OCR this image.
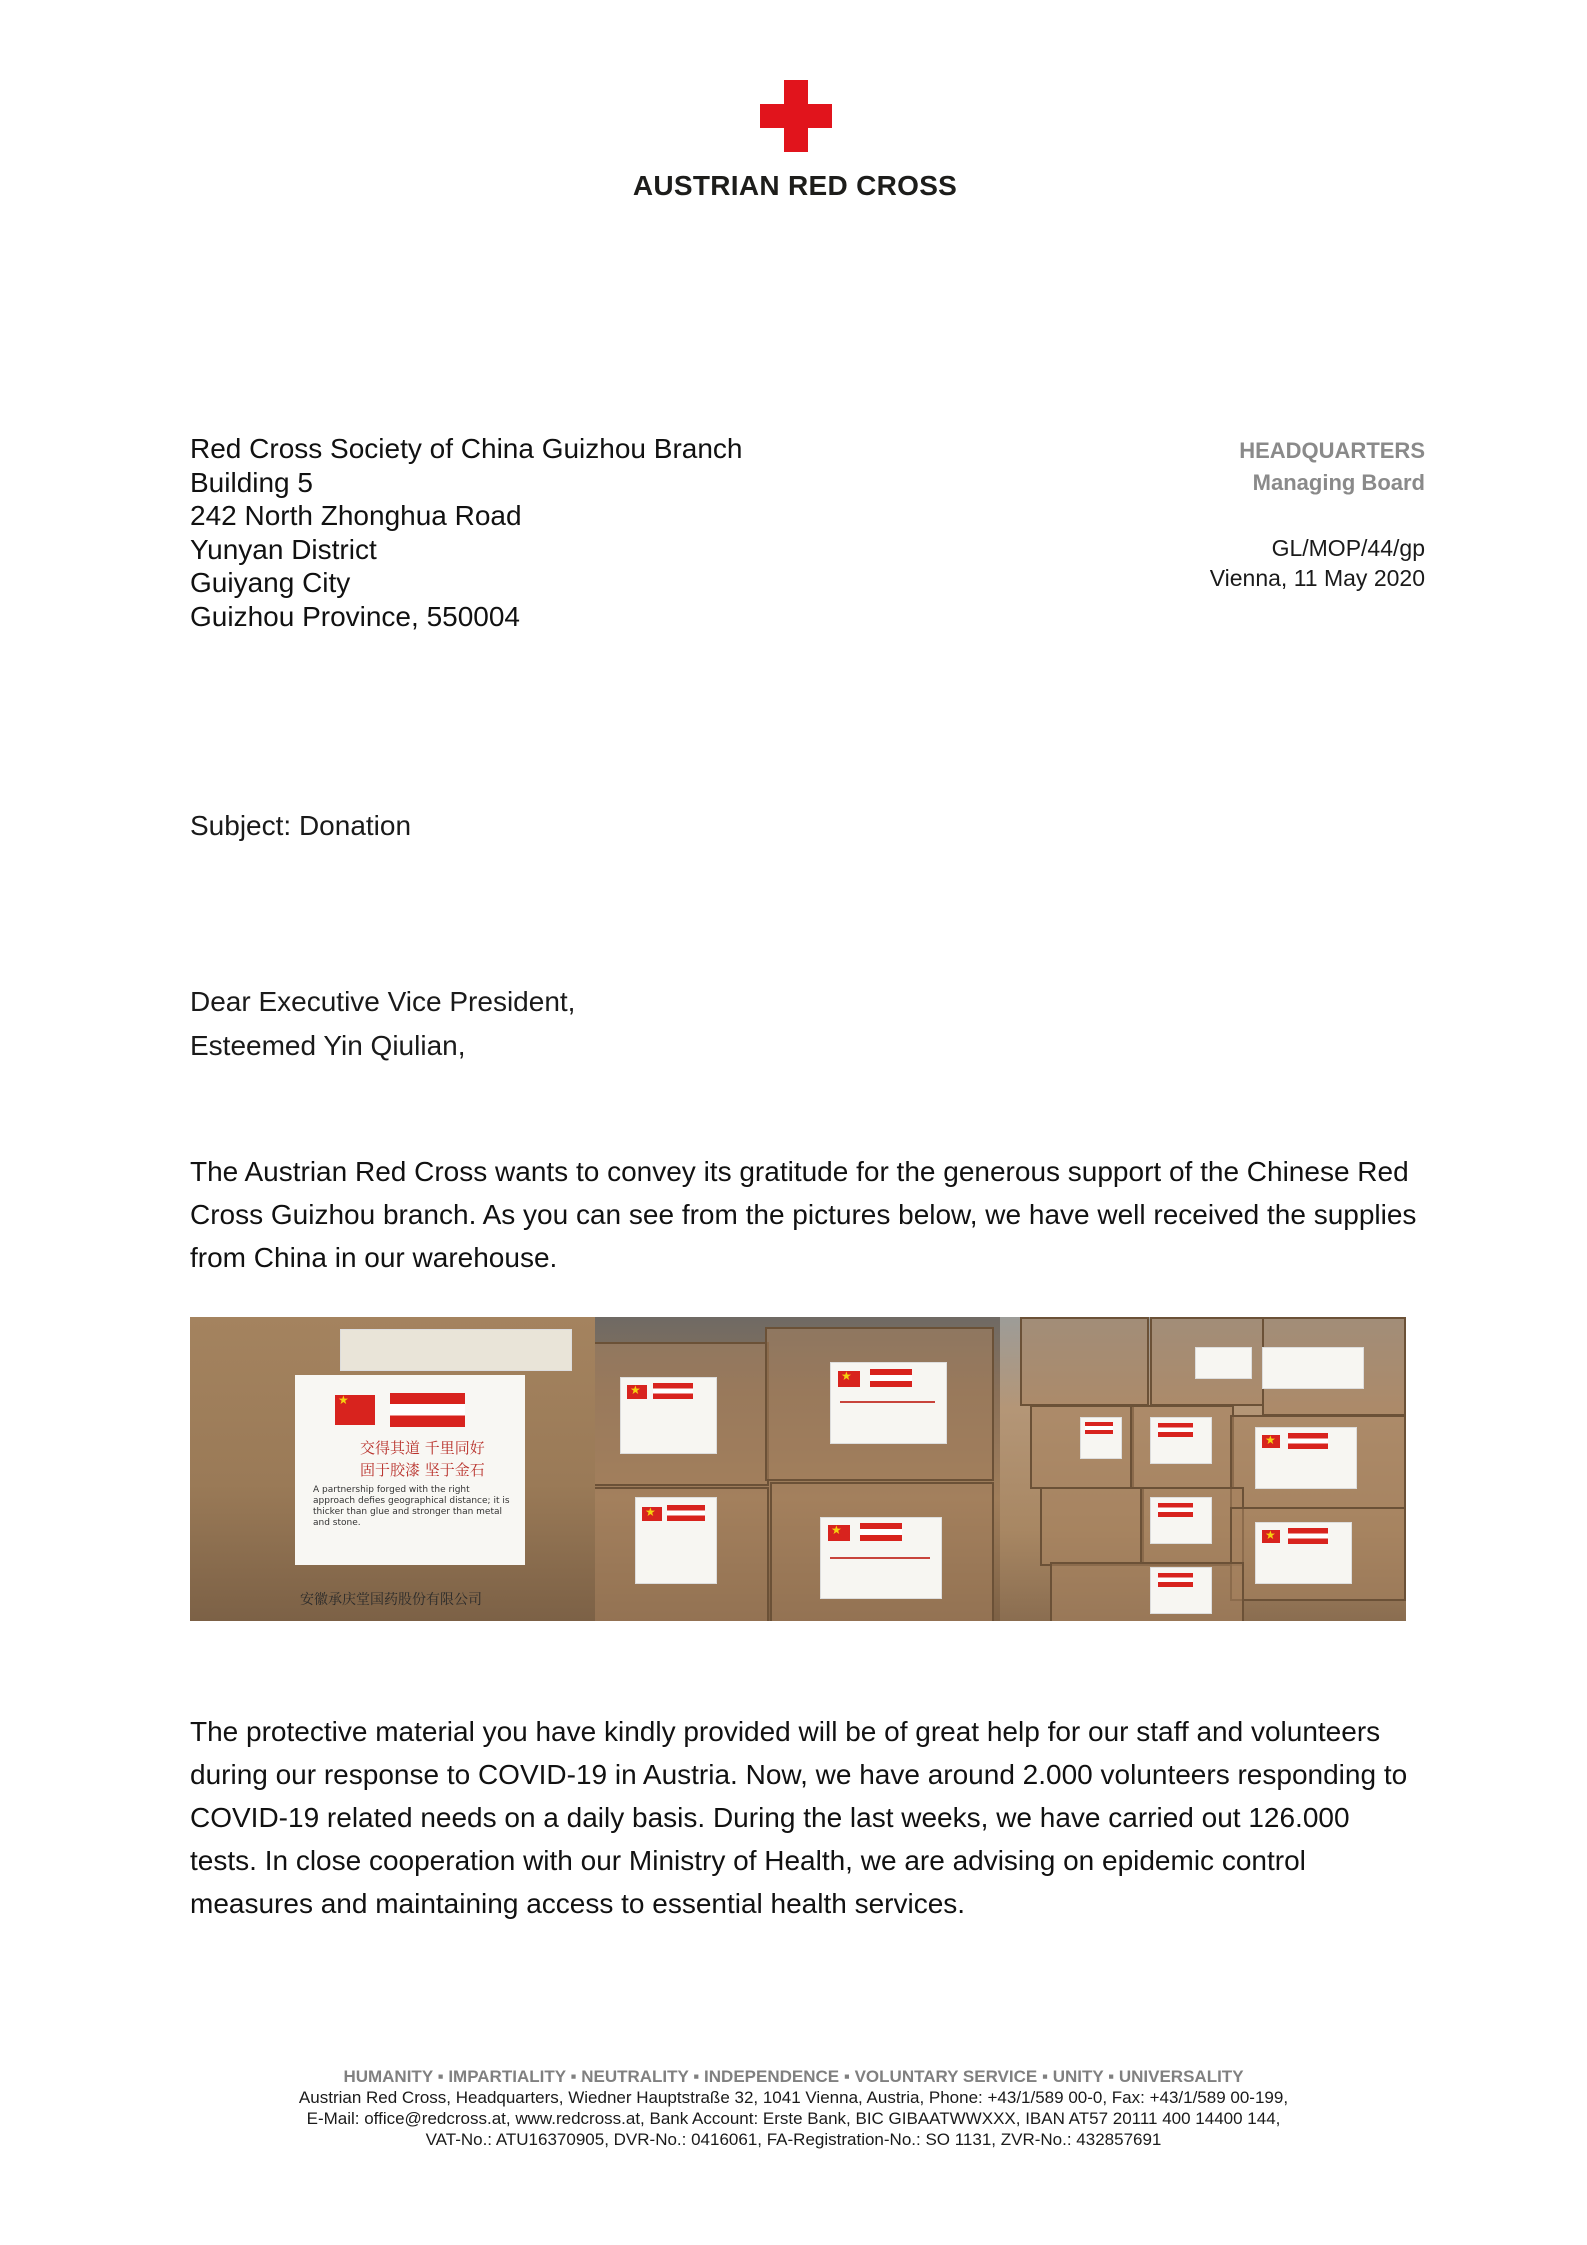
AUSTRIAN RED CROSS
Red Cross Society of China Guizhou Branch
Building 5
242 North Zhonghua Road
Yunyan District
Guiyang City
Guizhou Province, 550004
HEADQUARTERS
Managing Board
GL/MOP/44/gp
Vienna, 11 May 2020
Subject: Donation
Dear Executive Vice President,
Esteemed Yin Qiulian,
The Austrian Red Cross wants to convey its gratitude for the generous support of the Chinese Red Cross Guizhou branch. As you can see from the pictures below, we have well received the supplies from China in our warehouse.
★
交得其道 千里同好
固于胶漆 坚于金石
A partnership forged with the right approach defies geographical distance; it is thicker than glue and stronger than metal and stone.
安徽承庆堂国药股份有限公司
★
★
★
★
★
★
The protective material you have kindly provided will be of great help for our staff and volunteers during our response to COVID-19 in Austria. Now, we have around 2.000 volunteers responding to COVID-19 related needs on a daily basis. During the last weeks, we have carried out 126.000 tests. In close cooperation with our Ministry of Health, we are advising on epidemic control measures and maintaining access to essential health services.
HUMANITY ▪ IMPARTIALITY ▪ NEUTRALITY ▪ INDEPENDENCE ▪ VOLUNTARY SERVICE ▪ UNITY ▪ UNIVERSALITY
Austrian Red Cross, Headquarters, Wiedner Hauptstraße 32, 1041 Vienna, Austria, Phone: +43/1/589 00-0, Fax: +43/1/589 00-199,
E-Mail: office@redcross.at, www.redcross.at, Bank Account: Erste Bank, BIC GIBAATWWXXX, IBAN AT57 20111 400 14400 144,
VAT-No.: ATU16370905, DVR-No.: 0416061, FA-Registration-No.: SO 1131, ZVR-No.: 432857691
